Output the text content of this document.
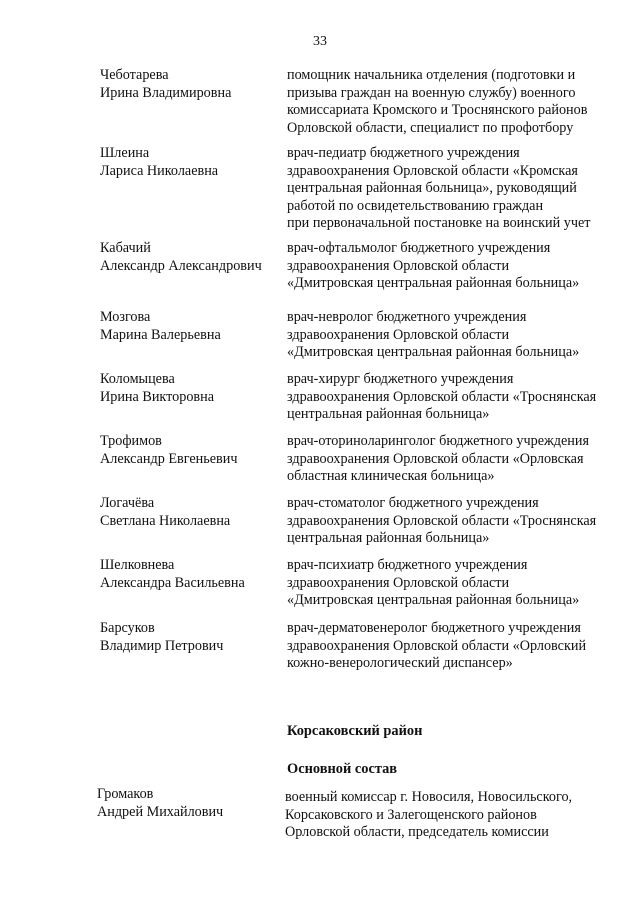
33
Чеботарева
Ирина Владимировна
помощник начальника отделения (подготовки и
призыва граждан на военную службу) военного
комиссариата Кромского и Троснянского районов
Орловской области, специалист по профотбору
Шлеина
Лариса Николаевна
врач-педиатр бюджетного учреждения
здравоохранения Орловской области «Кромская
центральная районная больница», руководящий
работой по освидетельствованию граждан
при первоначальной постановке на воинский учет
Кабачий
Александр Александрович
врач-офтальмолог бюджетного учреждения
здравоохранения Орловской области
«Дмитровская центральная районная больница»
Мозгова
Марина Валерьевна
врач-невролог бюджетного учреждения
здравоохранения Орловской области
«Дмитровская центральная районная больница»
Коломыцева
Ирина Викторовна
врач-хирург бюджетного учреждения
здравоохранения Орловской области «Троснянская
центральная районная больница»
Трофимов
Александр Евгеньевич
врач-оториноларинголог бюджетного учреждения
здравоохранения Орловской области «Орловская
областная клиническая больница»
Логачёва
Светлана Николаевна
врач-стоматолог бюджетного учреждения
здравоохранения Орловской области «Троснянская
центральная районная больница»
Шелковнева
Александра Васильевна
врач-психиатр бюджетного учреждения
здравоохранения Орловской области
«Дмитровская центральная районная больница»
Барсуков
Владимир Петрович
врач-дерматовенеролог бюджетного учреждения
здравоохранения Орловской области «Орловский
кожно-венерологический диспансер»
Корсаковский район
Основной состав
Громаков
Андрей Михайлович
военный комиссар г. Новосиля, Новосильского,
Корсаковского и Залегощенского районов
Орловской области, председатель комиссии
